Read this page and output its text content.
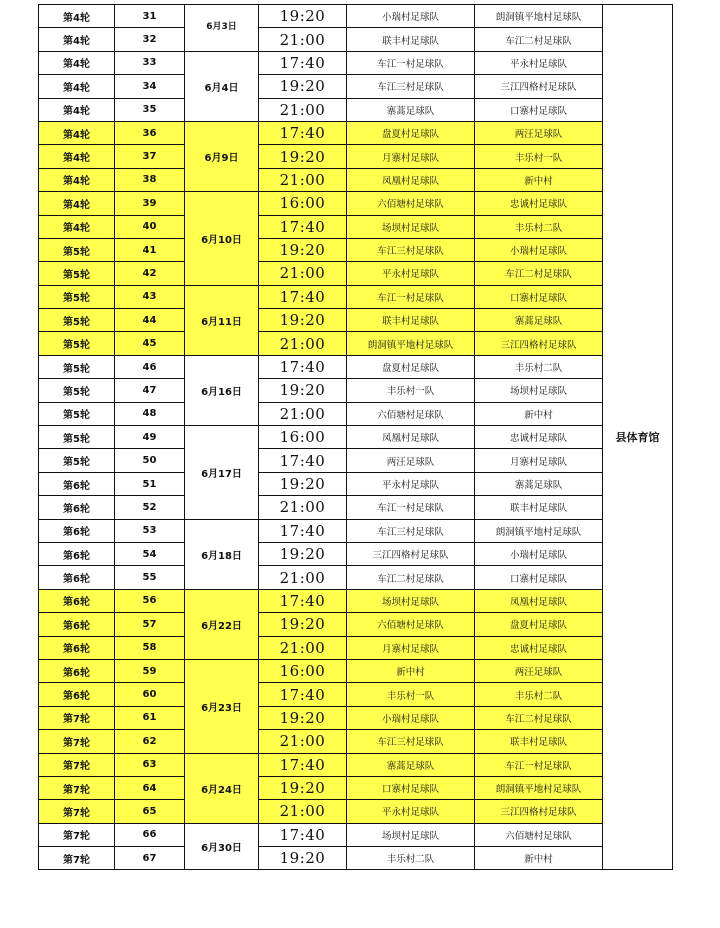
第4轮	31	6月3日	19:20	小瑞村足球队	朗洞镇平地村足球队	县体育馆
第4轮	32		21:00	联丰村足球队	车江二村足球队	
第4轮	33	6月4日	17:40	车江一村足球队	平永村足球队	
第4轮	34		19:20	车江三村足球队	三江四格村足球队	
第4轮	35		21:00	寨蒿足球队	口寨村足球队	
第4轮	36	6月9日	17:40	盘夏村足球队	两汪足球队	
第4轮	37		19:20	月寨村足球队	丰乐村一队	
第4轮	38		21:00	凤凰村足球队	新中村	
第4轮	39	6月10日	16:00	六佰塘村足球队	忠诚村足球队	
第4轮	40		17:40	场坝村足球队	丰乐村二队	
第5轮	41		19:20	车江三村足球队	小瑞村足球队	
第5轮	42		21:00	平永村足球队	车江二村足球队	
第5轮	43	6月11日	17:40	车江一村足球队	口寨村足球队	
第5轮	44		19:20	联丰村足球队	寨蒿足球队	
第5轮	45		21:00	朗洞镇平地村足球队	三江四格村足球队	
第5轮	46	6月16日	17:40	盘夏村足球队	丰乐村二队	
第5轮	47		19:20	丰乐村一队	场坝村足球队	
第5轮	48		21:00	六佰塘村足球队	新中村	
第5轮	49	6月17日	16:00	凤凰村足球队	忠诚村足球队	
第5轮	50		17:40	两汪足球队	月寨村足球队	
第6轮	51		19:20	平永村足球队	寨蒿足球队	
第6轮	52		21:00	车江一村足球队	联丰村足球队	
第6轮	53	6月18日	17:40	车江三村足球队	朗洞镇平地村足球队	
第6轮	54		19:20	三江四格村足球队	小瑞村足球队	
第6轮	55		21:00	车江二村足球队	口寨村足球队	
第6轮	56	6月22日	17:40	场坝村足球队	凤凰村足球队	
第6轮	57		19:20	六佰塘村足球队	盘夏村足球队	
第6轮	58		21:00	月寨村足球队	忠诚村足球队	
第6轮	59	6月23日	16:00	新中村	两汪足球队	
第6轮	60		17:40	丰乐村一队	丰乐村二队	
第7轮	61		19:20	小瑞村足球队	车江二村足球队	
第7轮	62		21:00	车江三村足球队	联丰村足球队	
第7轮	63	6月24日	17:40	寨蒿足球队	车江一村足球队	
第7轮	64		19:20	口寨村足球队	朗洞镇平地村足球队	
第7轮	65		21:00	平永村足球队	三江四格村足球队	
第7轮	66	6月30日	17:40	场坝村足球队	六佰塘村足球队	
第7轮	67		19:20	丰乐村二队	新中村	
